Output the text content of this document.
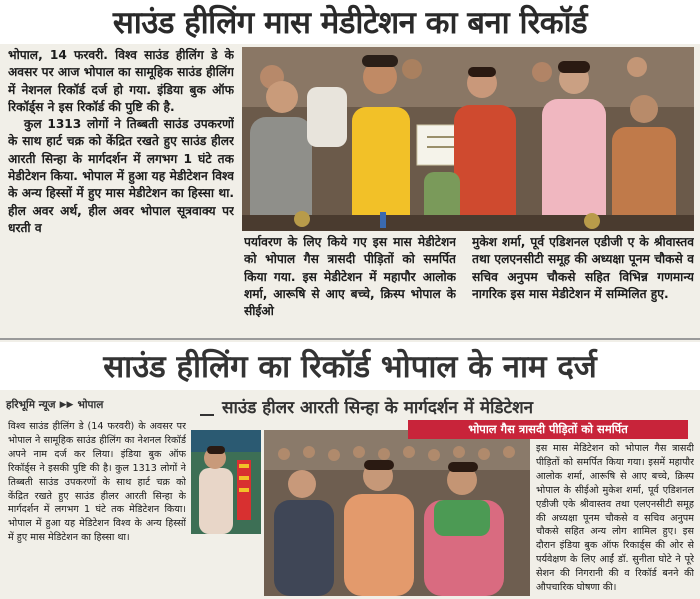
साउंड हीलिंग मास मेडीटेशन का बना रिकॉर्ड

भोपाल, 14 फरवरी. विश्व साउंड हीलिंग डे के अवसर पर आज भोपाल का सामूहिक साउंड हीलिंग में नेशनल रिकॉर्ड दर्ज हो गया. इंडिया बुक ऑफ रिकॉर्ड्स ने इस रिकॉर्ड की पुष्टि की है.

कुल 1313 लोगों ने तिब्बती साउंड उपकरणों के साथ हार्ट चक्र को केंद्रित रखते हुए साउंड हीलर आरती सिन्हा के मार्गदर्शन में लगभग 1 घंटे तक मेडीटेशन किया. भोपाल में हुआ यह मेडीटेशन विश्व के अन्य हिस्सों में हुए मास मेडीटेशन का हिस्सा था. हील अवर अर्थ, हील अवर भोपाल सूत्रवाक्य पर धरती व

पर्यावरण के लिए किये गए इस मास मेडीटेशन को भोपाल गैस त्रासदी पीड़ितों को समर्पित किया गया. इस मेडीटेशन में महापौर आलोक शर्मा, आरूषि से आए बच्चे, क्रिस्प भोपाल के सीईओ

मुकेश शर्मा, पूर्व एडिशनल एडीजी ए के श्रीवास्तव तथा एलएनसीटी समूह की अध्यक्षा पूनम चौकसे व सचिव अनुपम चौकसे सहित विभिन्न गणमान्य नागरिक इस मास मेडीटेशन में सम्मिलित हुए.

साउंड हीलिंग का रिकॉर्ड भोपाल के नाम दर्ज
हरिभूमि न्यूज ▶▶ भोपाल	साउंड हीलर आरती सिन्हा के मार्गदर्शन में मेडिटेशन
विश्व साउंड हीलिंग डे (14 फरवरी) के अवसर पर भोपाल ने सामूहिक साउंड हीलिंग का नेशनल रिकॉर्ड अपने नाम दर्ज कर लिया। इंडिया बुक ऑफ रिकॉर्ड्स ने इसकी पुष्टि की है। कुल 1313 लोगों ने तिब्बती साउंड उपकरणों के साथ हार्ट चक्र को केंद्रित रखते हुए साउंड हीलर आरती सिन्हा के मार्गदर्शन में लगभग 1 घंटे तक मेडिटेशन किया। भोपाल में हुआ यह मेडिटेशन विश्व के अन्य हिस्सों में हुए मास मेडिटेशन का हिस्सा था।
भोपाल गैस त्रासदी पीड़ितों को समर्पित
इस मास मेडिटेशन को भोपाल गैस त्रासदी पीड़ितों को समर्पित किया गया। इसमें महापौर आलोक शर्मा, आरूषि से आए बच्चे, क्रिस्प भोपाल के सीईओ मुकेश शर्मा, पूर्व एडिशनल एडीजी एके श्रीवास्तव तथा एलएनसीटी समूह की अध्यक्षा पूनम चौकसे व सचिव अनुपम चौकसे सहित अन्य लोग शामिल हुए। इस दौरान इंडिया बुक ऑफ रिकार्ड्स की ओर से पर्यवेक्षण के लिए आईं डॉ. सुनीता घोटे ने पूरे सेशन की निगरानी की व रिकॉर्ड बनने की औपचारिक घोषणा की।
